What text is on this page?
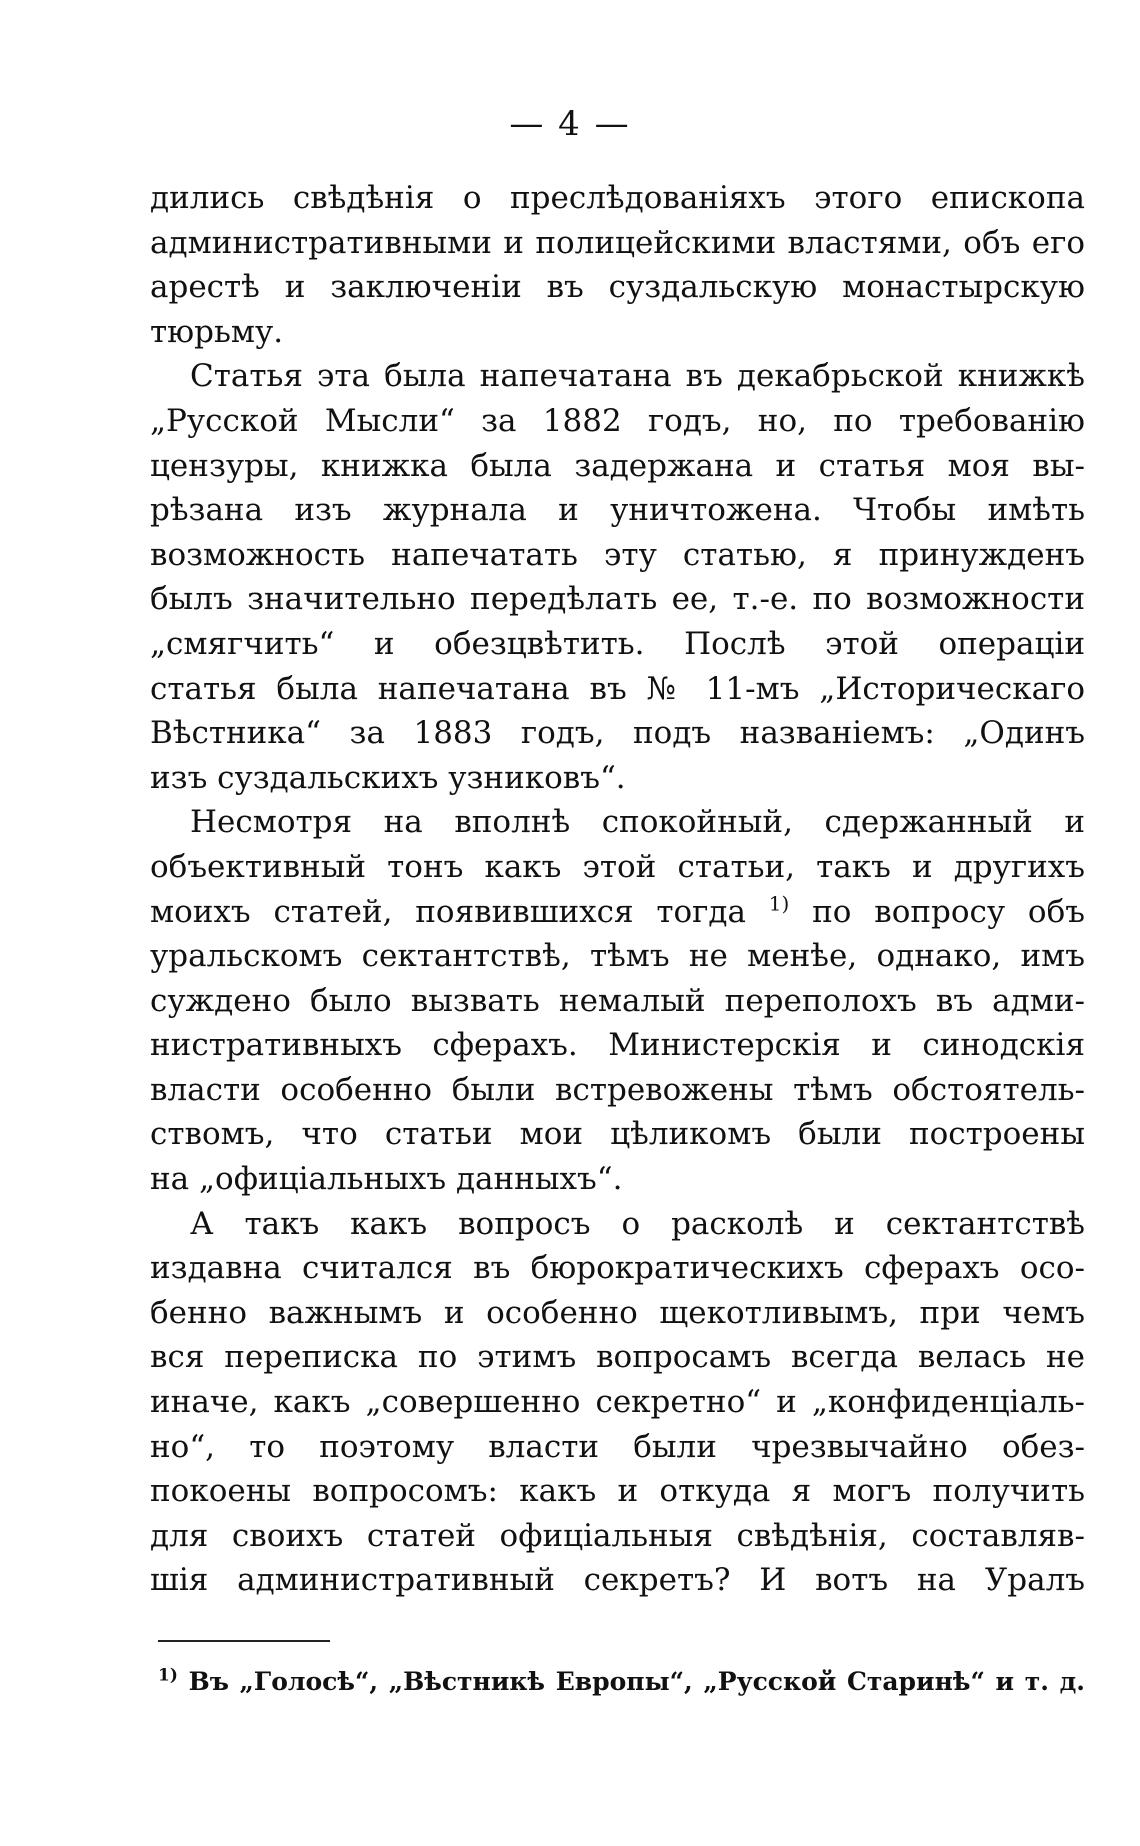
— 4 —
дились свѣдѣнія о преслѣдованіяхъ этого епископа
административными и полицейскими властями, объ его
арестѣ и заключеніи въ суздальскую монастырскую
тюрьму.
Статья эта была напечатана въ декабрьской книжкѣ
„Русской Мысли“ за 1882 годъ, но, по требованію
цензуры, книжка была задержана и статья моя вы-
рѣзана изъ журнала и уничтожена. Чтобы имѣть
возможность напечатать эту статью, я принужденъ
былъ значительно передѣлать ее, т.-е. по возможности
„смягчить“ и обезцвѣтить. Послѣ этой операціи
статья была напечатана въ № 11-мъ „Историческаго
Вѣстника“ за 1883 годъ, подъ названіемъ: „Одинъ
изъ суздальскихъ узниковъ“.
Несмотря на вполнѣ спокойный, сдержанный и
объективный тонъ какъ этой статьи, такъ и другихъ
моихъ статей, появившихся тогда $^{1)}$ по вопросу объ
уральскомъ сектантствѣ, тѣмъ не менѣе, однако, имъ
суждено было вызвать немалый переполохъ въ адми-
нистративныхъ сферахъ. Министерскія и синодскія
власти особенно были встревожены тѣмъ обстоятель-
ствомъ, что статьи мои цѣликомъ были построены
на „офиціальныхъ данныхъ“.
А такъ какъ вопросъ о расколѣ и сектантствѣ
издавна считался въ бюрократическихъ сферахъ осо-
бенно важнымъ и особенно щекотливымъ, при чемъ
вся переписка по этимъ вопросамъ всегда велась не
иначе, какъ „совершенно секретно“ и „конфиденціаль-
но“, то поэтому власти были чрезвычайно обез-
покоены вопросомъ: какъ и откуда я могъ получить
для своихъ статей офиціальныя свѣдѣнія, составляв-
шія административный секретъ? И вотъ на Уралъ
$^{1)}$ Въ „Голосѣ“, „Вѣстникѣ Европы“, „Русской Старинѣ“ и т. д.
